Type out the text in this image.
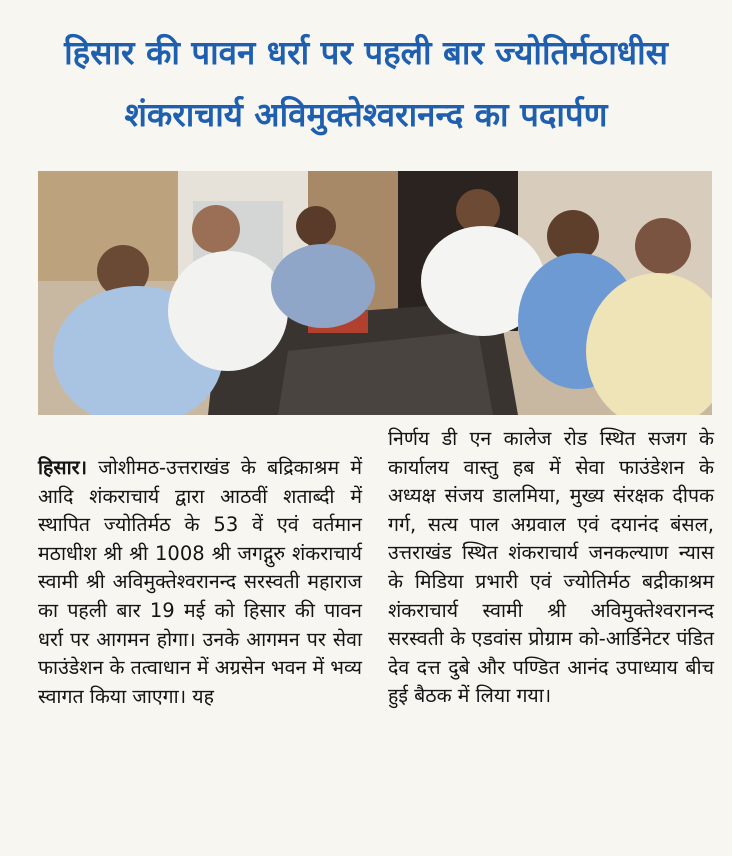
हिसार की पावन धर्रा पर पहली बार ज्योतिर्मठाधीस
शंकराचार्य अविमुक्तेश्वरानन्द का पदार्पण
हिसार। जोशीमठ-उत्तराखंड के बद्रिकाश्रम में आदि शंकराचार्य द्वारा आठवीं शताब्दी में स्थापित ज्योतिर्मठ के 53 वें एवं वर्तमान मठाधीश श्री श्री 1008 श्री जगद्गुरु शंकराचार्य स्वामी श्री अविमुक्तेश्वरानन्द सरस्वती महाराज का पहली बार 19 मई को हिसार की पावन धर्रा पर आगमन होगा। उनके आगमन पर सेवा फाउंडेशन के तत्वाधान में अग्रसेन भवन में भव्य स्वागत किया जाएगा। यह
निर्णय डी एन कालेज रोड स्थित सजग के कार्यालय वास्तु हब में सेवा फाउंडेशन के अध्यक्ष संजय डालमिया, मुख्य संरक्षक दीपक गर्ग, सत्य पाल अग्रवाल एवं दयानंद बंसल, उत्तराखंड स्थित शंकराचार्य जनकल्याण न्यास के मिडिया प्रभारी एवं ज्योतिर्मठ बद्रीकाश्रम शंकराचार्य स्वामी श्री अविमुक्तेश्वरानन्द सरस्वती के एडवांस प्रोग्राम को-आर्डिनेटर पंडित देव दत्त दुबे और पण्डित आनंद उपाध्याय बीच हुई बैठक में लिया गया।
